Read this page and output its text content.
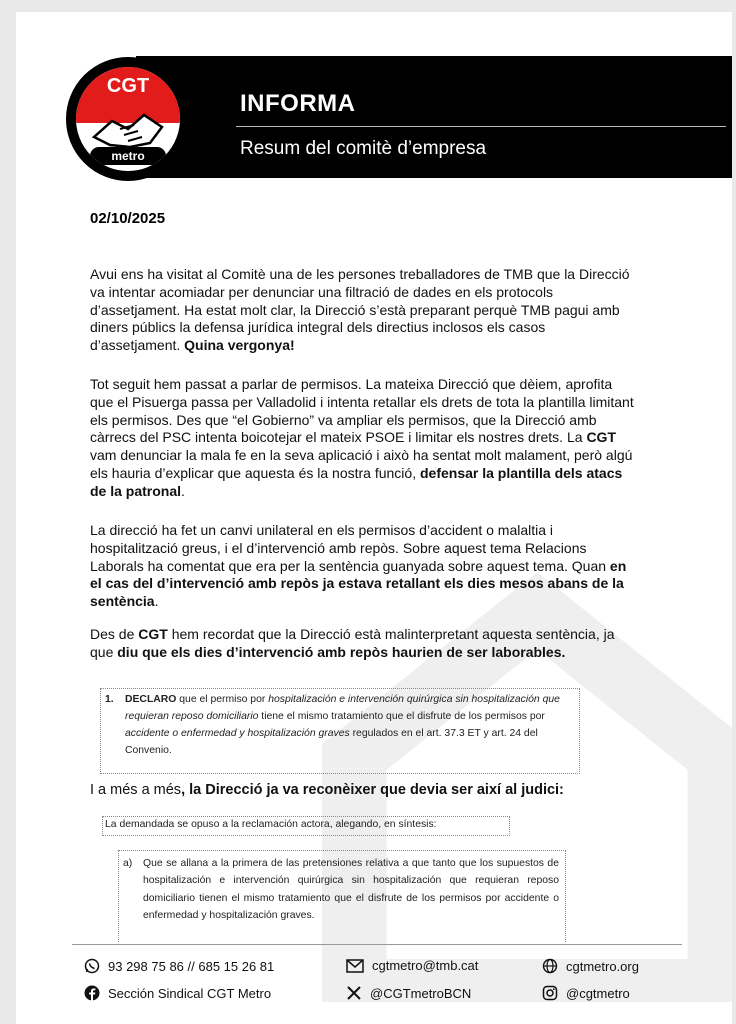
INFORMA
Resum del comitè d’empresa
CGT
metro
02/10/2025
Avui ens ha visitat al Comitè una de les persones treballadores de TMB que la Direcció va intentar acomiadar per denunciar una filtració de dades en els protocols d’assetjament. Ha estat molt clar, la Direcció s’està preparant perquè TMB pagui amb diners públics la defensa jurídica integral dels directius inclosos els casos d’assetjament. Quina vergonya!
Tot seguit hem passat a parlar de permisos. La mateixa Direcció que dèiem, aprofita que el Pisuerga passa per Valladolid i intenta retallar els drets de tota la plantilla limitant els permisos. Des que “el Gobierno” va ampliar els permisos, que la Direcció amb càrrecs del PSC intenta boicotejar el mateix PSOE i limitar els nostres drets. La CGT vam denunciar la mala fe en la seva aplicació i això ha sentat molt malament, però algú els hauria d’explicar que aquesta és la nostra funció, defensar la plantilla dels atacs de la patronal.
La direcció ha fet un canvi unilateral en els permisos d’accident o malaltia i hospitalització greus, i el d’intervenció amb repòs. Sobre aquest tema Relacions Laborals ha comentat que era per la sentència guanyada sobre aquest tema. Quan en el cas del d’intervenció amb repòs ja estava retallant els dies mesos abans de la sentència.
Des de CGT hem recordat que la Direcció està malinterpretant aquesta sentència, ja que diu que els dies d’intervenció amb repòs haurien de ser laborables.
1. DECLARO que el permiso por hospitalización e intervención quirúrgica sin hospitalización que requieran reposo domiciliario tiene el mismo tratamiento que el disfrute de los permisos por accidente o enfermedad y hospitalización graves regulados en el art. 37.3 ET y art. 24 del Convenio.
I a més a més, la Direcció ja va reconèixer que devia ser així al judici:
La demandada se opuso a la reclamación actora, alegando, en síntesis:
a) Que se allana a la primera de las pretensiones relativa a que tanto que los supuestos de hospitalización e intervención quirúrgica sin hospitalización que requieran reposo domiciliario tienen el mismo tratamiento que el disfrute de los permisos por accidente o enfermedad y hospitalización graves.
93 298 75 86 // 685 15 26 81	cgtmetro@tmb.cat	cgtmetro.org
Sección Sindical CGT Metro	@CGTmetroBCN	@cgtmetro
